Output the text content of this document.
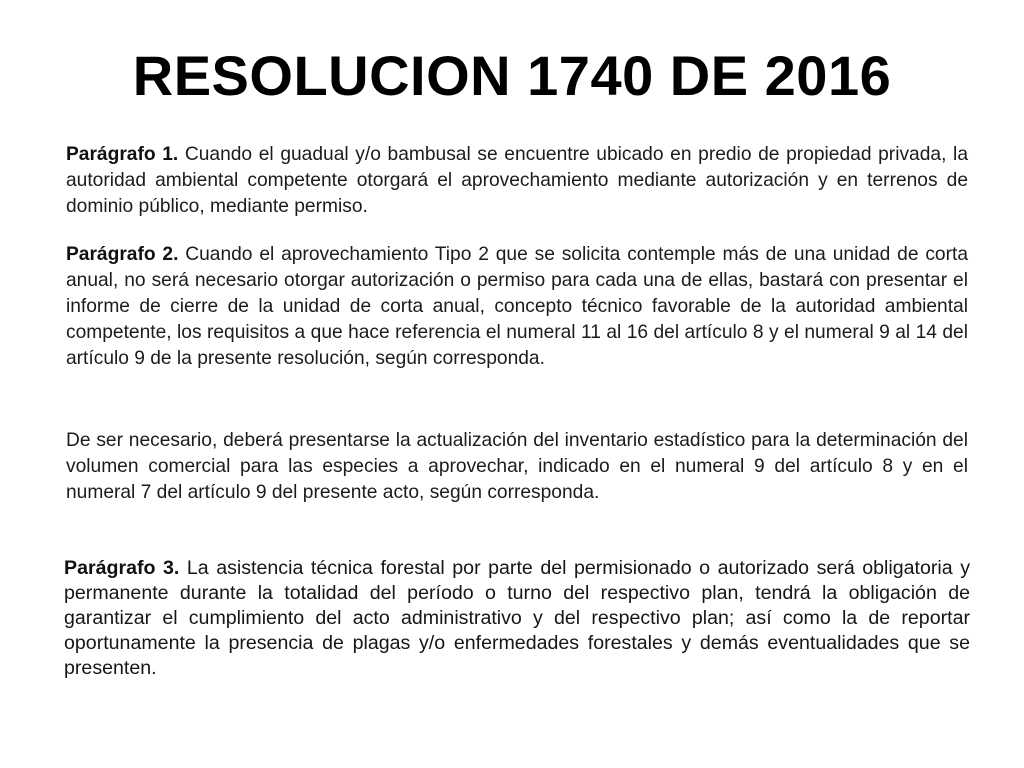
RESOLUCION 1740 DE 2016

Parágrafo 1. Cuando el guadual y/o bambusal se encuentre ubicado en predio de propiedad privada, la autoridad ambiental competente otorgará el aprovechamiento mediante autorización y en terrenos de dominio público, mediante permiso.

Parágrafo 2. Cuando el aprovechamiento Tipo 2 que se solicita contemple más de una unidad de corta anual, no será necesario otorgar autorización o permiso para cada una de ellas, bastará con presentar el informe de cierre de la unidad de corta anual, concepto técnico favorable de la autoridad ambiental competente, los requisitos a que hace referencia el numeral 11 al 16 del artículo 8 y el numeral 9 al 14 del artículo 9 de la presente resolución, según corresponda.

De ser necesario, deberá presentarse la actualización del inventario estadístico para la determinación del volumen comercial para las especies a aprovechar, indicado en el numeral 9 del artículo 8 y en el numeral 7 del artículo 9 del presente acto, según corresponda.

Parágrafo 3. La asistencia técnica forestal por parte del permisionado o autorizado será obligatoria y permanente durante la totalidad del período o turno del respectivo plan, tendrá la obligación de garantizar el cumplimiento del acto administrativo y del respectivo plan; así como la de reportar oportunamente la presencia de plagas y/o enfermedades forestales y demás eventualidades que se presenten.
